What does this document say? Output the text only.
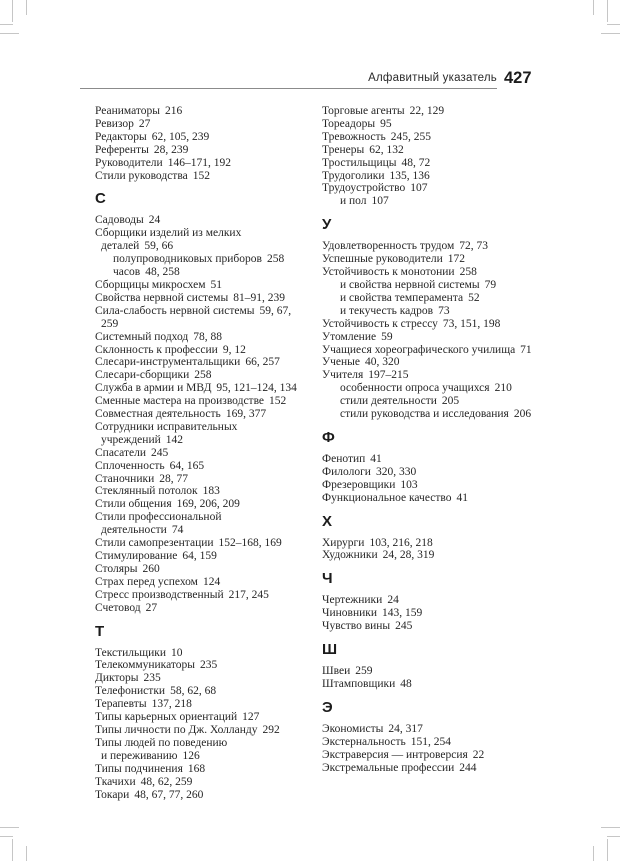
Алфавитный указатель 427
Реаниматоры 216
Ревизор 27
Редакторы 62, 105, 239
Референты 28, 239
Руководители 146–171, 192
Стили руководства 152
С
Садоводы 24
Сборщики изделий из мелких
деталей 59, 66
полупроводниковых приборов 258
часов 48, 258
Сборщицы микросхем 51
Свойства нервной системы 81–91, 239
Сила-слабость нервной системы 59, 67,
259
Системный подход 78, 88
Склонность к профессии 9, 12
Слесари-инструментальщики 66, 257
Слесари-сборщики 258
Служба в армии и МВД 95, 121–124, 134
Сменные мастера на производстве 152
Совместная деятельность 169, 377
Сотрудники исправительных
учреждений 142
Спасатели 245
Сплоченность 64, 165
Станочники 28, 77
Стеклянный потолок 183
Стили общения 169, 206, 209
Стили профессиональной
деятельности 74
Стили самопрезентации 152–168, 169
Стимулирование 64, 159
Столяры 260
Страх перед успехом 124
Стресс производственный 217, 245
Счетовод 27
Т
Текстильщики 10
Телекоммуникаторы 235
Дикторы 235
Телефонистки 58, 62, 68
Терапевты 137, 218
Типы карьерных ориентаций 127
Типы личности по Дж. Холланду 292
Типы людей по поведению
и переживанию 126
Типы подчинения 168
Ткачихи 48, 62, 259
Токари 48, 67, 77, 260
Торговые агенты 22, 129
Тореадоры 95
Тревожность 245, 255
Тренеры 62, 132
Тростильщицы 48, 72
Трудоголики 135, 136
Трудоустройство 107
и пол 107
У
Удовлетворенность трудом 72, 73
Успешные руководители 172
Устойчивость к монотонии 258
и свойства нервной системы 79
и свойства темперамента 52
и текучесть кадров 73
Устойчивость к стрессу 73, 151, 198
Утомление 59
Учащиеся хореографического училища 71
Ученые 40, 320
Учителя 197–215
особенности опроса учащихся 210
стили деятельности 205
стили руководства и исследования 206
Ф
Фенотип 41
Филологи 320, 330
Фрезеровщики 103
Функциональное качество 41
Х
Хирурги 103, 216, 218
Художники 24, 28, 319
Ч
Чертежники 24
Чиновники 143, 159
Чувство вины 245
Ш
Швеи 259
Штамповщики 48
Э
Экономисты 24, 317
Экстернальность 151, 254
Экстраверсия — интроверсия 22
Экстремальные профессии 244
